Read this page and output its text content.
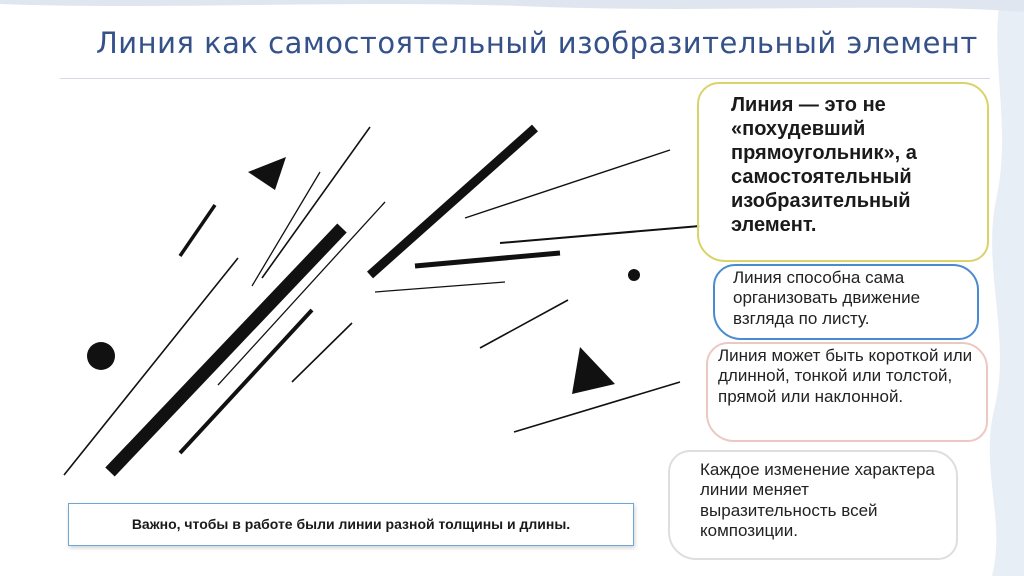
Линия как самостоятельный изобразительный элемент
Линия — это не «похудевший прямоугольник», а самостоятельный изобразительный элемент.
Линия способна сама организовать движение взгляда по листу.
Линия может быть короткой или длинной, тонкой или толстой, прямой или наклонной.
Каждое изменение характера линии меняет выразительность всей композиции.
Важно, чтобы в работе были линии разной толщины и длины.
